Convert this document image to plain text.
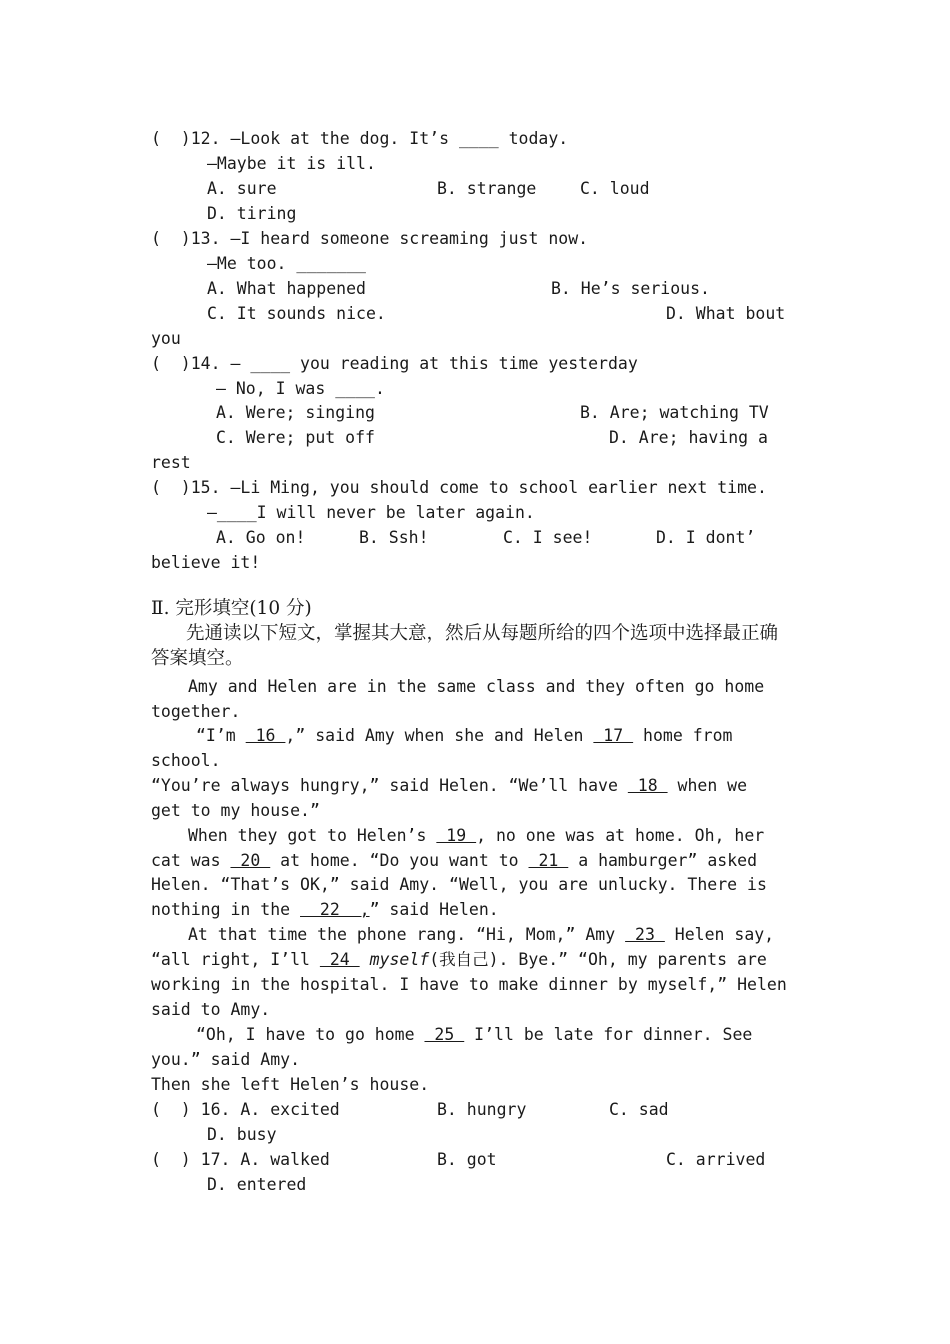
(  )12. —Look at the dog. It’s ____ today.
—Maybe it is ill.
A. sure	B. strange	C. loud
D. tiring
(  )13. —I heard someone screaming just now.
—Me too. _______
A. What happened	B. He’s serious.
C. It sounds nice.	D. What bout
you
(  )14. — ____ you reading at this time yesterday
— No, I was ____.
A. Were; singing	B. Are; watching TV
C. Were; put off	D. Are; having a
rest
(  )15. —Li Ming, you should come to school earlier next time.
—____I will never be later again.
A. Go on!	B. Ssh!	C. I see!	D. I dont’
believe it!
Ⅱ. 完形填空(10 分)
先通读以下短文，掌握其大意，然后从每题所给的四个选项中选择最正确
答案填空。
Amy and Helen are in the same class and they often go home
together.
“I’m  16 ,” said Amy when she and Helen  17  home from
school.
“You’re always hungry,” said Helen. “We’ll have  18  when we
get to my house.”
When they got to Helen’s  19 , no one was at home. Oh, her
cat was  20  at home. “Do you want to  21  a hamburger” asked
Helen. “That’s OK,” said Amy. “Well, you are unlucky. There is
nothing in the   22  ,” said Helen.
At that time the phone rang. “Hi, Mom,” Amy  23  Helen say,
“all right, I’ll  24  myself(我自己). Bye.” “Oh, my parents are
working in the hospital. I have to make dinner by myself,” Helen
said to Amy.
“Oh, I have to go home  25  I’ll be late for dinner. See
you.” said Amy.
Then she left Helen’s house.
(  ) 16. A. excited	B. hungry	C. sad
D. busy
(  ) 17. A. walked	B. got	C. arrived
D. entered
